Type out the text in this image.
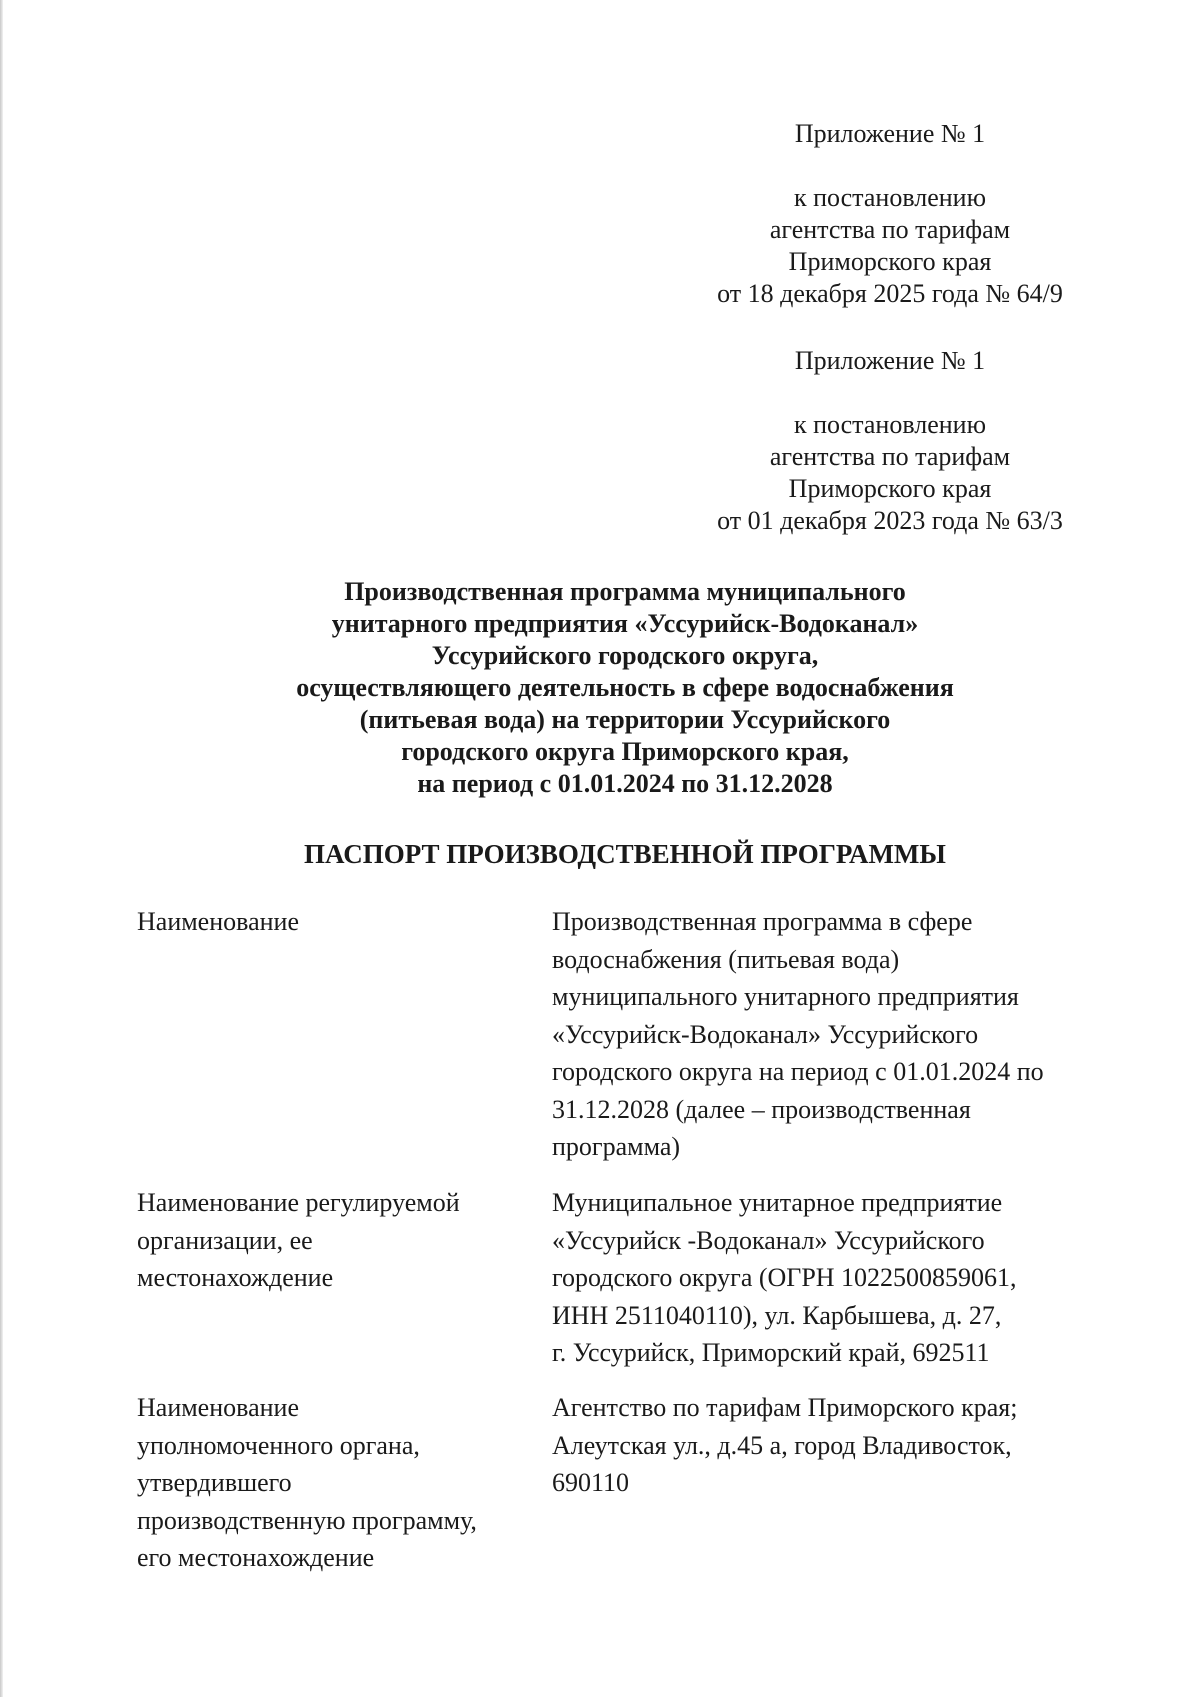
Приложение № 1
к постановлению
агентства по тарифам
Приморского края
от 18 декабря 2025 года № 64/9
Приложение № 1
к постановлению
агентства по тарифам
Приморского края
от 01 декабря 2023 года № 63/3
Производственная программа муниципального
унитарного предприятия «Уссурийск-Водоканал»
Уссурийского городского округа,
осуществляющего деятельность в сфере водоснабжения
(питьевая вода) на территории Уссурийского
городского округа Приморского края,
на период с 01.01.2024 по 31.12.2028
ПАСПОРТ ПРОИЗВОДСТВЕННОЙ ПРОГРАММЫ
Наименование	Производственная программа в сфере
водоснабжения (питьевая вода)
муниципального унитарного предприятия
«Уссурийск-Водоканал» Уссурийского
городского округа на период с 01.01.2024 по
31.12.2028 (далее – производственная
программа)
Наименование регулируемой
организации, ее
местонахождение
Муниципальное унитарное предприятие
«Уссурийск -Водоканал» Уссурийского
городского округа (ОГРН 1022500859061,
ИНН 2511040110), ул. Карбышева, д. 27,
г. Уссурийск, Приморский край, 692511
Наименование
уполномоченного органа,
утвердившего
производственную программу,
его местонахождение
Агентство по тарифам Приморского края;
Алеутская ул., д.45 а, город Владивосток,
690110
